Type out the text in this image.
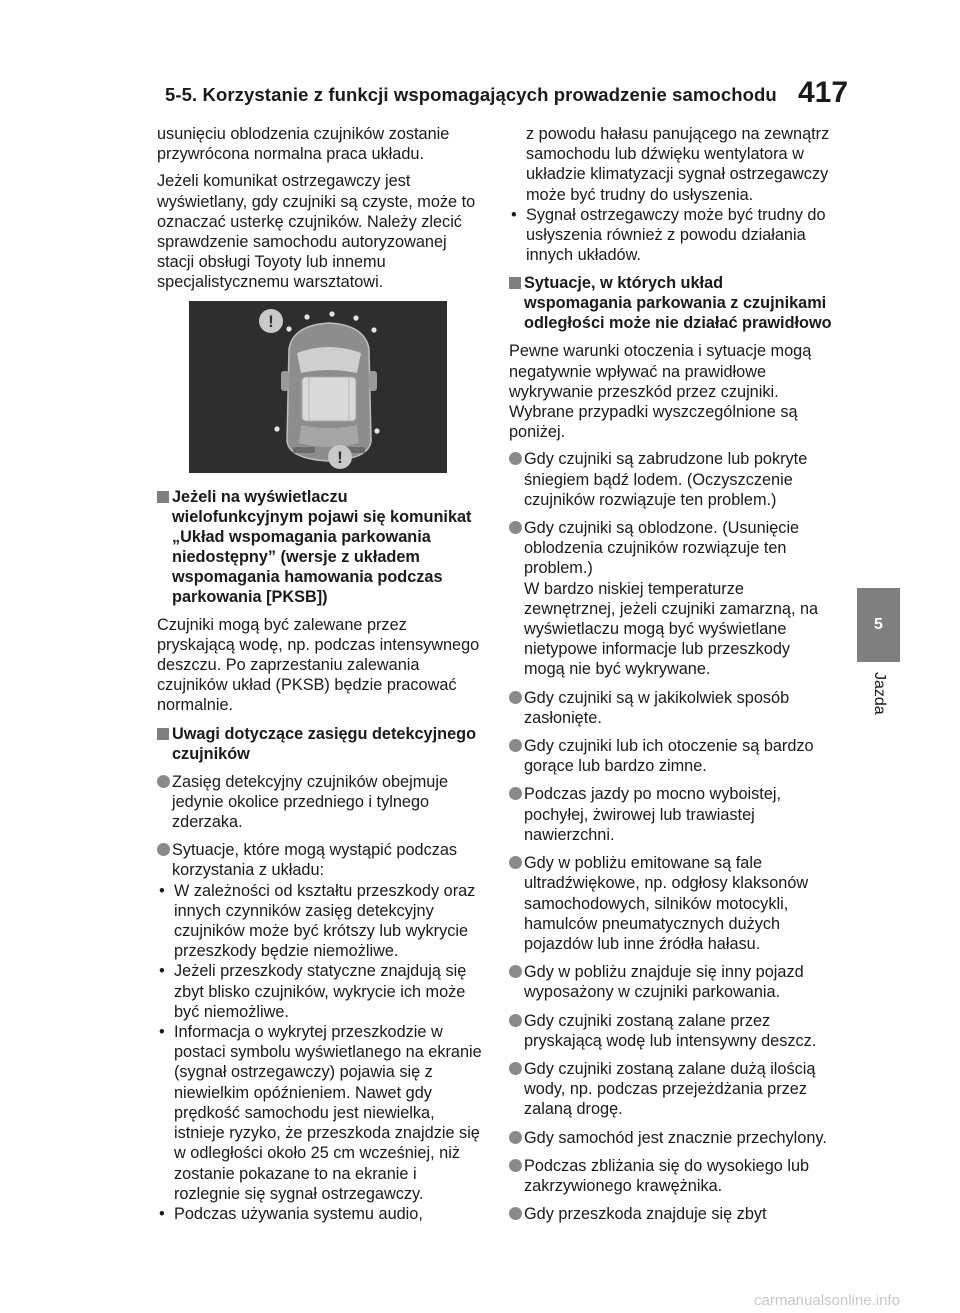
5-5. Korzystanie z funkcji wspomagających prowadzenie samochodu 417
5
Jazda

usunięciu oblodzenia czujników zostanie przywrócona normalna praca układu.

Jeżeli komunikat ostrzegawczy jest wyświetlany, gdy czujniki są czyste, może to oznaczać usterkę czujników. Należy zlecić sprawdzenie samochodu autoryzowanej stacji obsługi Toyoty lub innemu specjalistycznemu warsztatowi.

!
!
Jeżeli na wyświetlaczu wielofunkcyjnym pojawi się komunikat „Układ wspomagania parkowania niedostępny” (wersje z układem wspomagania hamowania podczas parkowania [PKSB])

Czujniki mogą być zalewane przez pryskającą wodę, np. podczas intensywnego deszczu. Po zaprzestaniu zalewania czujników układ (PKSB) będzie pracować normalnie.

Uwagi dotyczące zasięgu detekcyjnego czujników
Zasięg detekcyjny czujników obejmuje jedynie okolice przedniego i tylnego zderzaka.
Sytuacje, które mogą wystąpić podczas korzystania z układu:
• W zależności od kształtu przeszkody oraz innych czynników zasięg detekcyjny czujników może być krótszy lub wykrycie przeszkody będzie niemożliwe.
• Jeżeli przeszkody statyczne znajdują się zbyt blisko czujników, wykrycie ich może być niemożliwe.
• Informacja o wykrytej przeszkodzie w postaci symbolu wyświetlanego na ekranie (sygnał ostrzegawczy) pojawia się z niewielkim opóźnieniem. Nawet gdy prędkość samochodu jest niewielka, istnieje ryzyko, że przeszkoda znajdzie się w odległości około 25 cm wcześniej, niż zostanie pokazane to na ekranie i rozlegnie się sygnał ostrzegawczy.
• Podczas używania systemu audio,
z powodu hałasu panującego na zewnątrz samochodu lub dźwięku wentylatora w układzie klimatyzacji sygnał ostrzegawczy może być trudny do usłyszenia.
• Sygnał ostrzegawczy może być trudny do usłyszenia również z powodu działania innych układów.
Sytuacje, w których układ wspomagania parkowania z czujnikami odległości może nie działać prawidłowo

Pewne warunki otoczenia i sytuacje mogą negatywnie wpływać na prawidłowe wykrywanie przeszkód przez czujniki. Wybrane przypadki wyszczególnione są poniżej.

Gdy czujniki są zabrudzone lub pokryte śniegiem bądź lodem. (Oczyszczenie czujników rozwiązuje ten problem.)
Gdy czujniki są oblodzone. (Usunięcie oblodzenia czujników rozwiązuje ten problem.)
W bardzo niskiej temperaturze zewnętrznej, jeżeli czujniki zamarzną, na wyświetlaczu mogą być wyświetlane nietypowe informacje lub przeszkody mogą nie być wykrywane.
Gdy czujniki są w jakikolwiek sposób zasłonięte.
Gdy czujniki lub ich otoczenie są bardzo gorące lub bardzo zimne.
Podczas jazdy po mocno wyboistej, pochyłej, żwirowej lub trawiastej nawierzchni.
Gdy w pobliżu emitowane są fale ultradźwiękowe, np. odgłosy klaksonów samochodowych, silników motocykli, hamulców pneumatycznych dużych pojazdów lub inne źródła hałasu.
Gdy w pobliżu znajduje się inny pojazd wyposażony w czujniki parkowania.
Gdy czujniki zostaną zalane przez pryskającą wodę lub intensywny deszcz.
Gdy czujniki zostaną zalane dużą ilością wody, np. podczas przejeżdżania przez zalaną drogę.
Gdy samochód jest znacznie przechylony.
Podczas zbliżania się do wysokiego lub zakrzywionego krawężnika.
Gdy przeszkoda znajduje się zbyt
carmanualsonline.info
